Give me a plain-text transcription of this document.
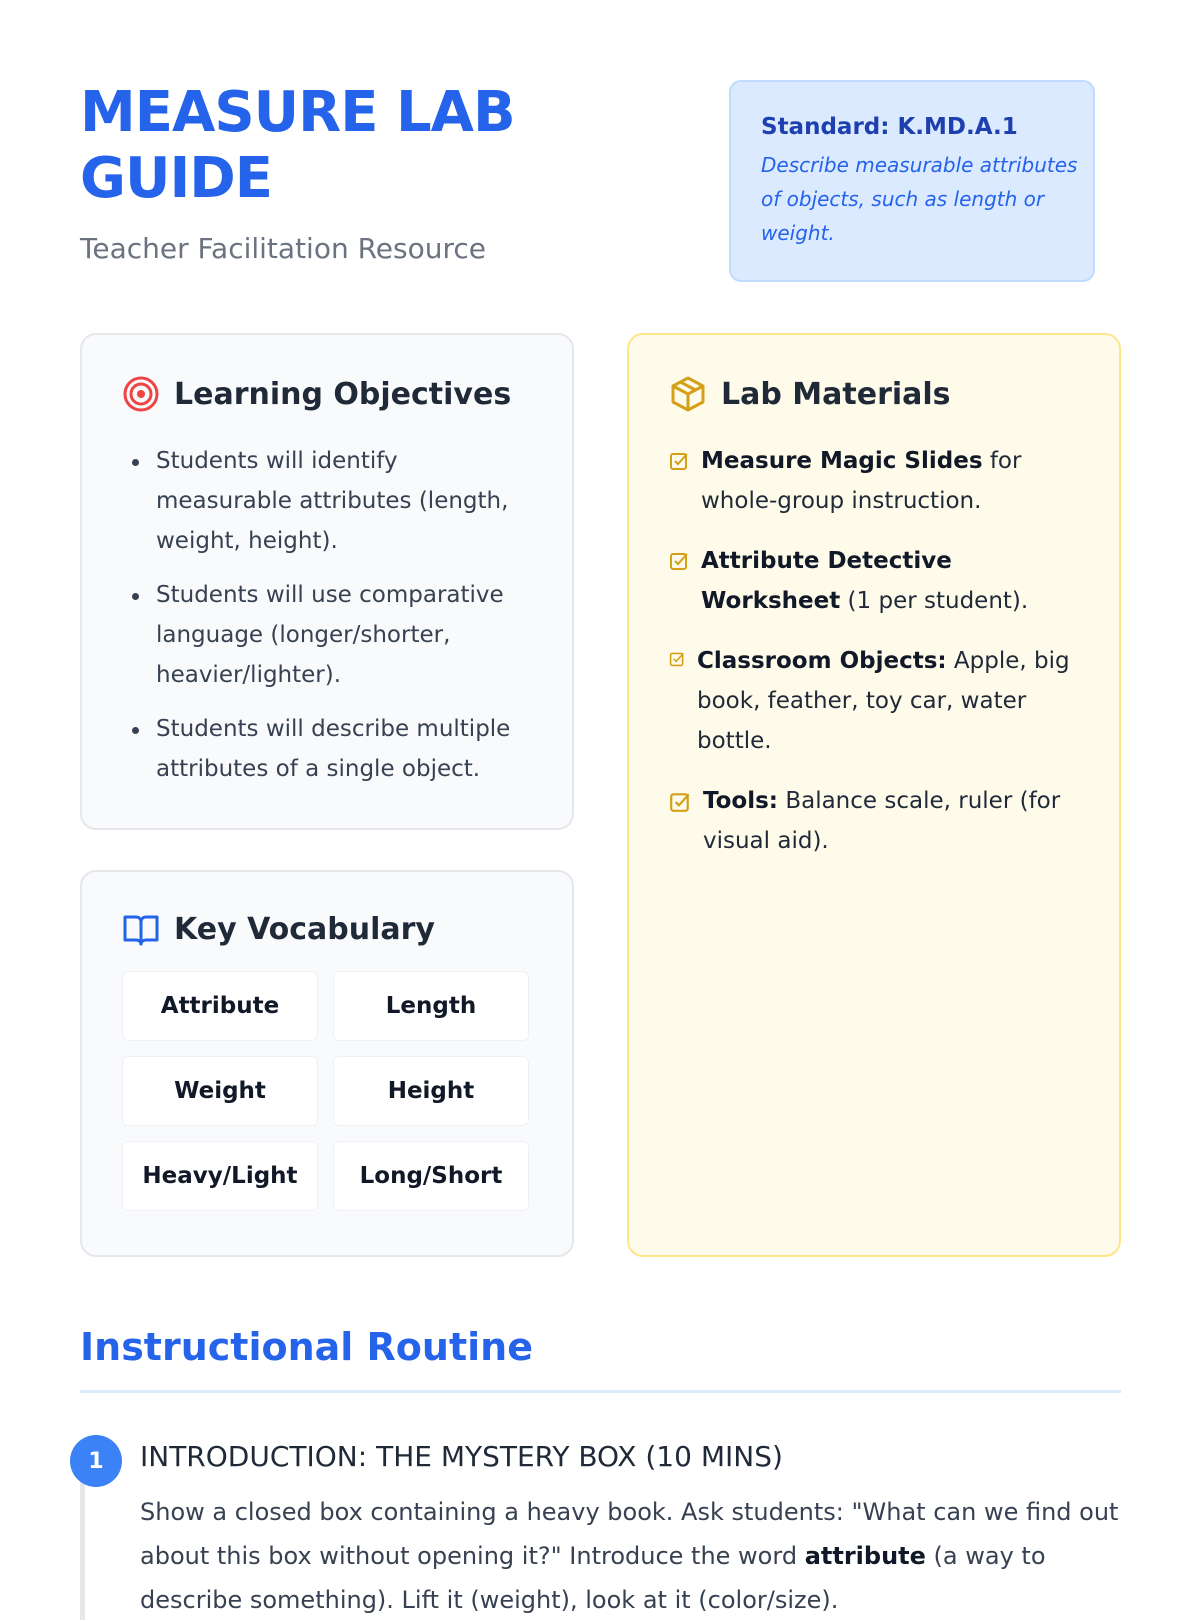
MEASURE LAB GUIDE
Teacher Facilitation Resource
Standard: K.MD.A.1
Describe measurable attributes of objects, such as length or weight.
Learning Objectives
Students will identify measurable attributes (length, weight, height).
Students will use comparative language (longer/shorter, heavier/lighter).
Students will describe multiple attributes of a single object.
Key Vocabulary
Attribute	Length
Weight	Height
Heavy/Light	Long/Short
Lab Materials
Measure Magic Slides for whole-group instruction.
Attribute Detective Worksheet (1 per student).
Classroom Objects: Apple, big book, feather, toy car, water bottle.
Tools: Balance scale, ruler (for visual aid).
Instructional Routine
1	INTRODUCTION: THE MYSTERY BOX (10 MINS)
Show a closed box containing a heavy book. Ask students: "What can we find out about this box without opening it?" Introduce the word attribute (a way to describe something). Lift it (weight), look at it (color/size).
